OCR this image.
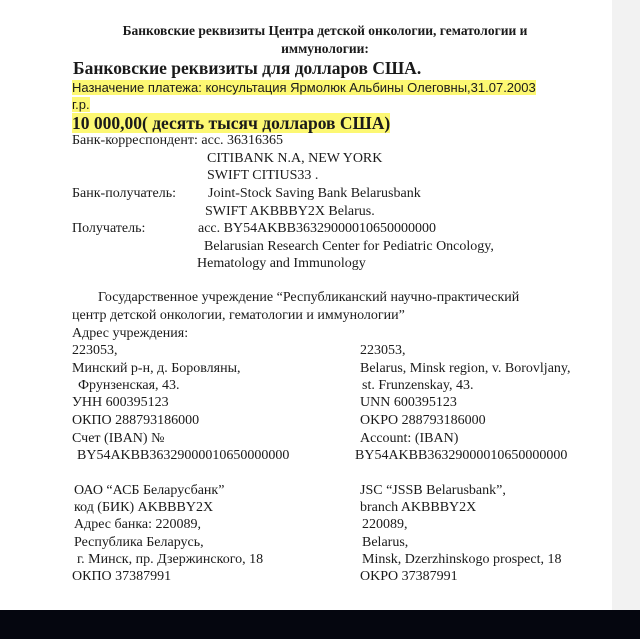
Банковские реквизиты Центра детской онкологии, гематологии и
иммунологии:
Банковские реквизиты для долларов США.
Назначение платежа: консультация Ярмолюк Альбины Олеговны,31.07.2003
г.р.
10 000,00( десять тысяч долларов США)
Банк-корреспондент: acc. 36316365
CITIBANK N.A, NEW YORK
SWIFT CITIUS33 .
Банк-получатель: Joint-Stock Saving Bank Belarusbank
SWIFT AKBBBY2X Belarus.
Получатель:	acc. BY54AKBB36329000010650000000
Belarusian Research Center for Pediatric Oncology,
Hematology and Immunology
Государственное учреждение “Республиканский научно-практический
центр детской онкологии, гематологии и иммунологии”
Адрес учреждения:
223053,
Минский р-н, д. Боровляны,
Фрунзенская, 43.
УНН 600395123
ОКПО 288793186000
Счет (IBAN) №
BY54AKBB36329000010650000000
223053,
Belarus, Minsk region, v. Borovljany,
st. Frunzenskay, 43.
UNN 600395123
OKPO 288793186000
Account: (IBAN)
BY54AKBB36329000010650000000
ОАО “АСБ Беларусбанк”
код (БИК) AKBBBY2X
Адрес банка: 220089,
Республика Беларусь,
г. Минск, пр. Дзержинского, 18
ОКПО 37387991
JSC “JSSB Belarusbank”,
branch AKBBBY2X
220089,
Belarus,
Minsk, Dzerzhinskogo prospect, 18
OKPO 37387991
